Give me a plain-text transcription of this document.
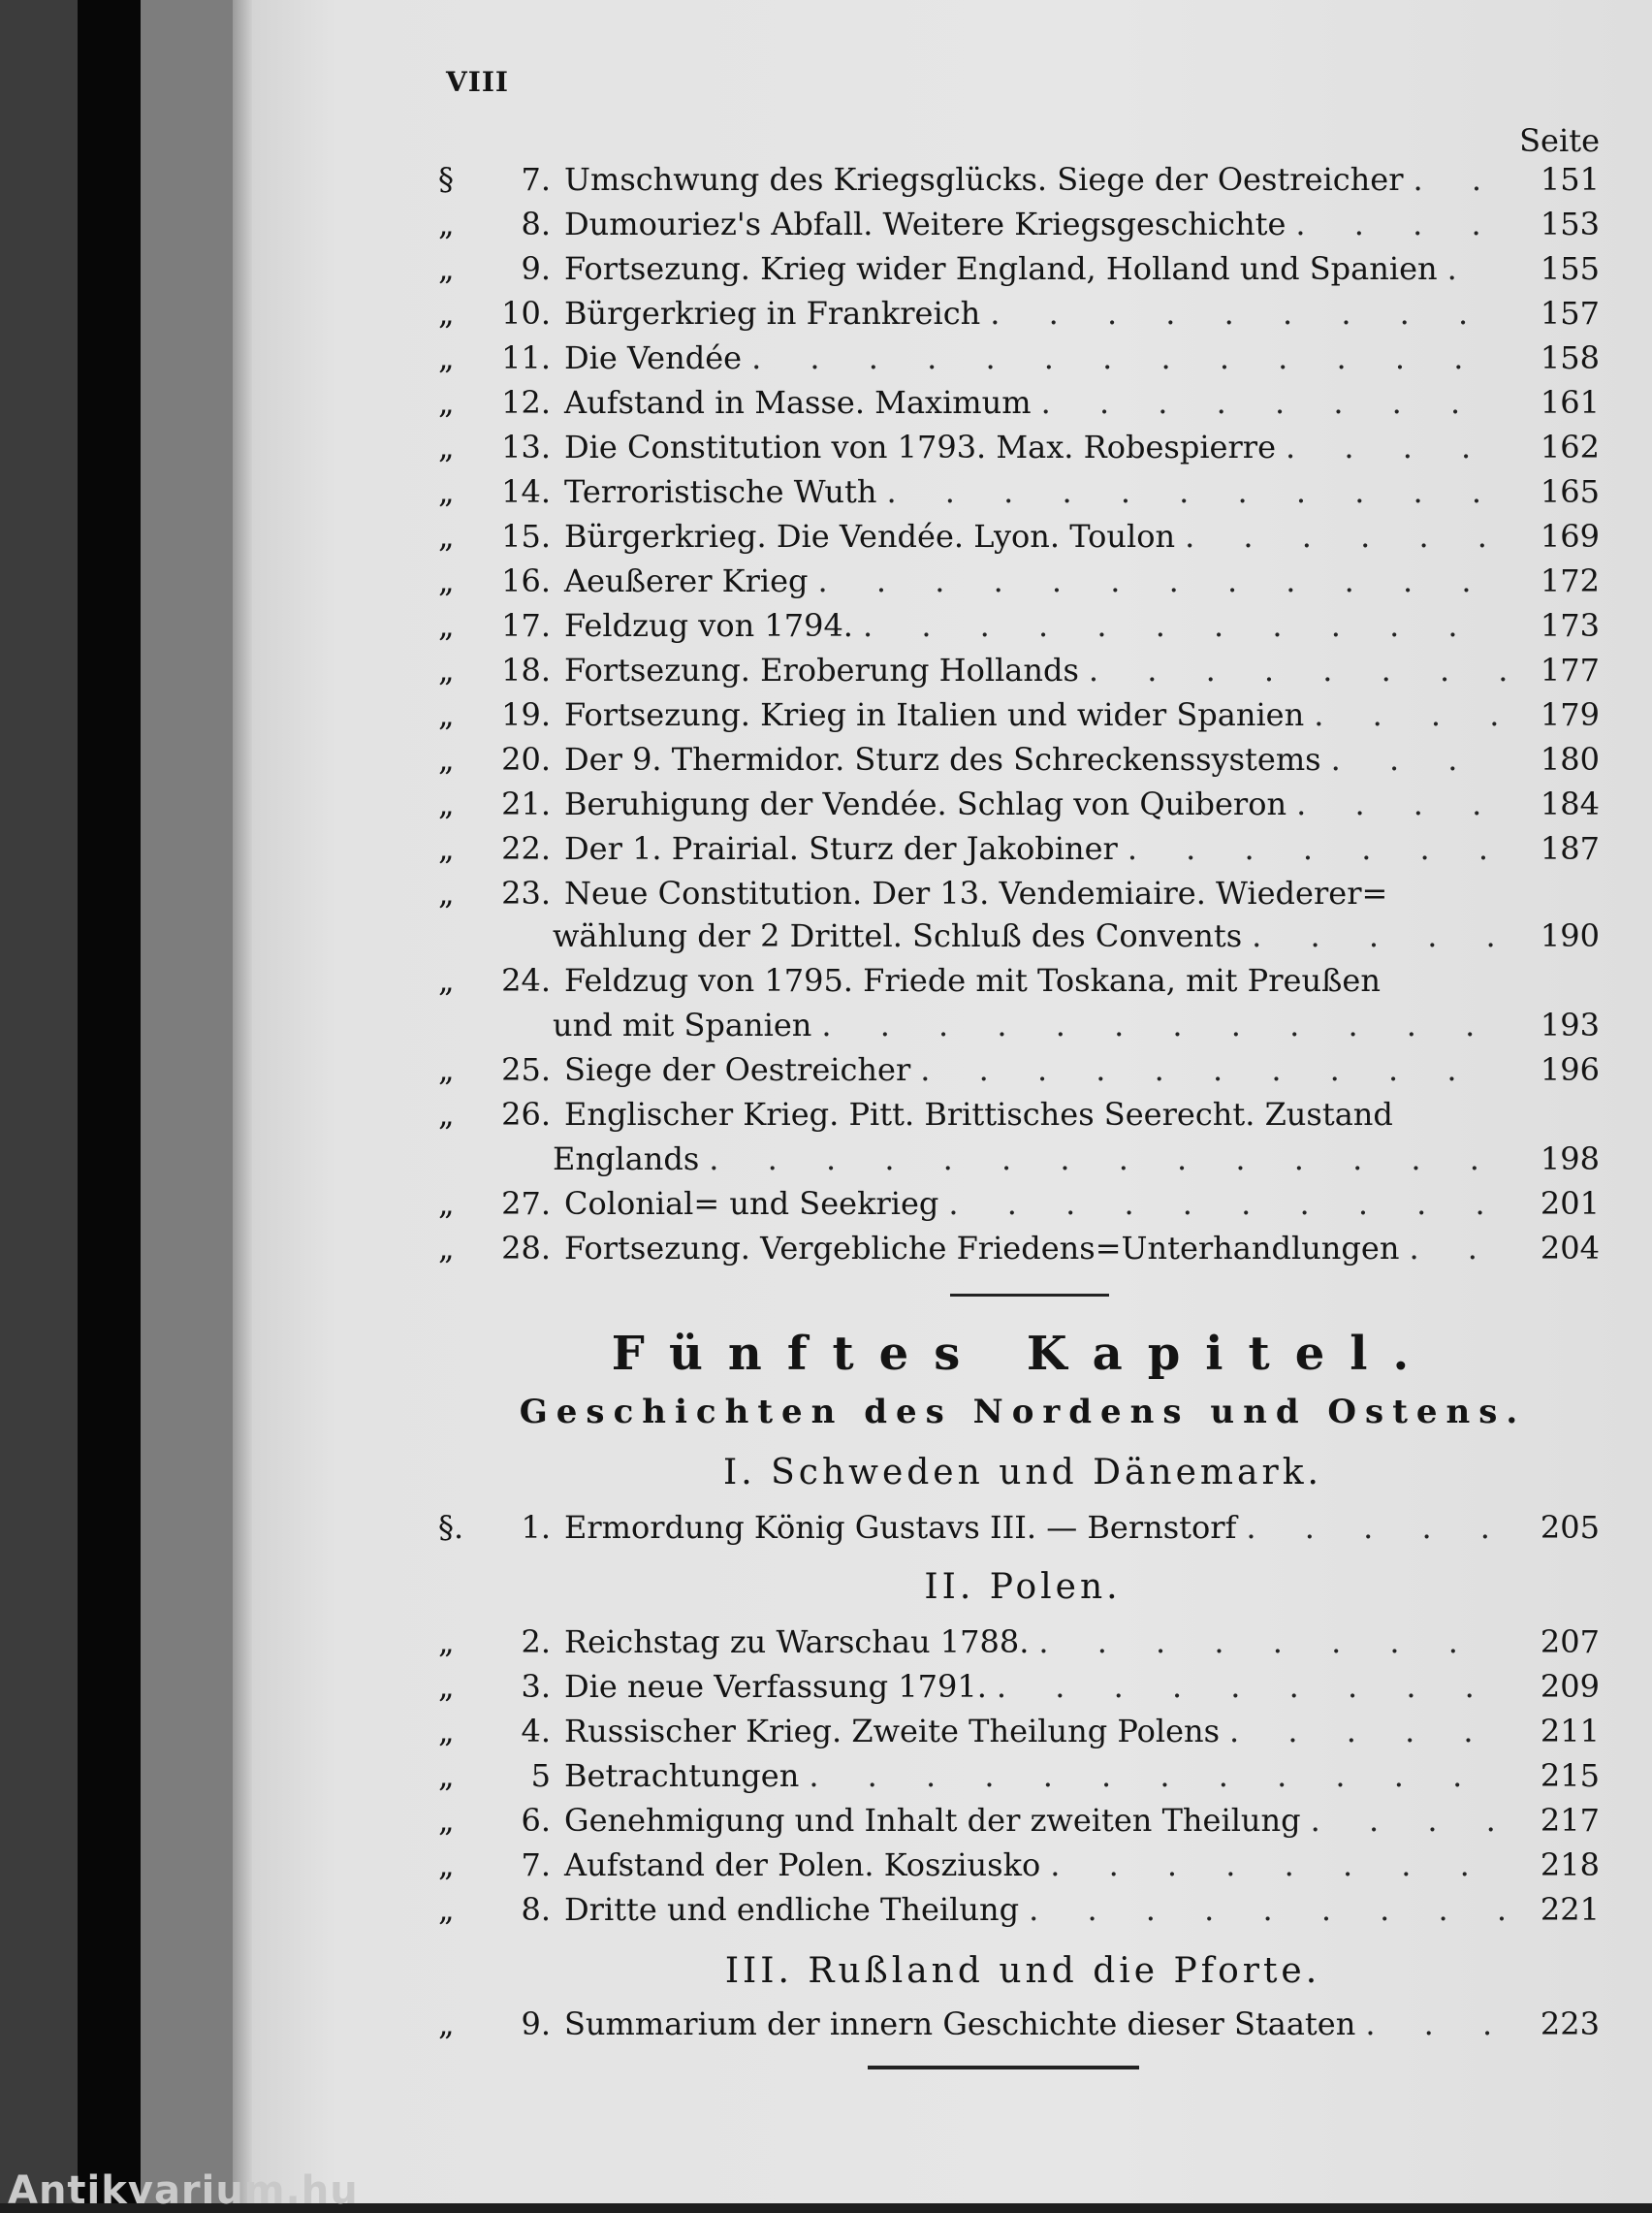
VIII
Seite
§	7. Umschwung des Kriegsglücks. Siege der Oestreicher . . .	151
„	8. Dumouriez's Abfall. Weitere Kriegsgeschichte . . .	153
„	9. Fortsezung. Krieg wider England, Holland und Spanien . . .	155
„	10. Bürgerkrieg in Frankreich . . .	157
„	11. Die Vendée . . .	158
„	12. Aufstand in Masse. Maximum . . .	161
„	13. Die Constitution von 1793. Max. Robespierre . . .	162
„	14. Terroristische Wuth . . .	165
„	15. Bürgerkrieg. Die Vendée. Lyon. Toulon . . .	169
„	16. Aeußerer Krieg . . .	172
„	17. Feldzug von 1794. . . .	173
„	18. Fortsezung. Eroberung Hollands . . .	177
„	19. Fortsezung. Krieg in Italien und wider Spanien . . .	179
„	20. Der 9. Thermidor. Sturz des Schreckenssystems . . .	180
„	21. Beruhigung der Vendée. Schlag von Quiberon . . .	184
„	22. Der 1. Prairial. Sturz der Jakobiner . . .	187
„	23. Neue Constitution. Der 13. Vendemiaire. Wiederer=
wählung der 2 Drittel. Schluß des Convents . . .	190
„	24. Feldzug von 1795. Friede mit Toskana, mit Preußen
und mit Spanien . . .	193
„	25. Siege der Oestreicher . . .	196
„	26. Englischer Krieg. Pitt. Brittisches Seerecht. Zustand
Englands . . .	198
„	27. Colonial= und Seekrieg . . .	201
„	28. Fortsezung. Vergebliche Friedens=Unterhandlungen . . .	204
Fünftes Kapitel.
Geschichten des Nordens und Ostens.
I. Schweden und Dänemark.
§.	1. Ermordung König Gustavs III. — Bernstorf . . .	205
II. Polen.
„	2. Reichstag zu Warschau 1788. . . .	207
„	3. Die neue Verfassung 1791. . . .	209
„	4. Russischer Krieg. Zweite Theilung Polens . . .	211
„	5 Betrachtungen . . .	215
„	6. Genehmigung und Inhalt der zweiten Theilung . . .	217
„	7. Aufstand der Polen. Kosziusko . . .	218
„	8. Dritte und endliche Theilung . . .	221
III. Rußland und die Pforte.
„	9. Summarium der innern Geschichte dieser Staaten . . .	223
Antikvarium.hu
